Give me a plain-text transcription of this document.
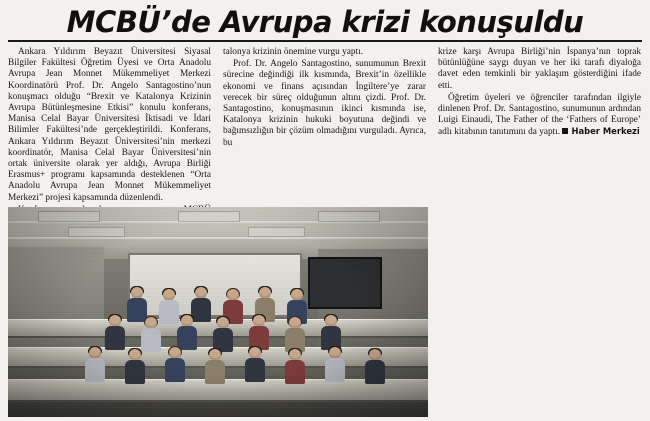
MCBÜ’de Avrupa krizi konuşuldu

Ankara Yıldırım Beyazıt Üniversitesi Siyasal Bilgiler Fakültesi Öğretim Üyesi ve Orta Anadolu Avrupa Jean Monnet Mükemmeliyet Merkezi Koordinatörü Prof. Dr. Angelo Santagostino’nun konuşmacı olduğu “Brexit ve Katalonya Krizinin Avrupa Bütünleşmesine Etkisi” konulu konferans, Manisa Celal Bayar Üniversitesi İktisadi ve İdari Bilimler Fakültesi’nde gerçekleştirildi. Konferans, Ankara Yıldırım Beyazıt Üniversitesi’nin merkezi koordinatör, Manisa Celal Bayar Üniversitesi’nin ortak üniversite olarak yer aldığı, Avrupa Birliği Erasmus+ programı kapsamında desteklenen “Orta Anadolu Avrupa Jean Monnet Mükemmeliyet Merkezi” projesi kapsamında düzenlendi.

talonya krizinin önemine vurgu yaptı.

Prof. Dr. Angelo Santagostino, sunumunun Brexit sürecine değindiği ilk kısmında, Brexit’in özellikle ekonomi ve finans açısından İngiltere’ye zarar verecek bir süreç olduğunun altını çizdi. Prof. Dr. Santagostino, konuşmasının ikinci kısmında ise, Katalonya krizinin hukuki boyutuna değindi ve bağımsızlığın bir çözüm olmadığını vurguladı. Ayrıca, bu

krize karşı Avrupa Birliği’nin İspanya’nın toprak bütünlüğüne saygı duyan ve her iki tarafı diyaloğa davet eden temkinli bir yaklaşım gösterdiğini ifade etti.

Öğretim üyeleri ve öğrenciler tarafından ilgiyle dinlenen Prof. Dr. Santagostino, sunumunun ardından Luigi Einaudi, The Father of the ‘Fathers of Europe’ adlı kitabının tanıtımını da yaptı. Haber Merkezi
